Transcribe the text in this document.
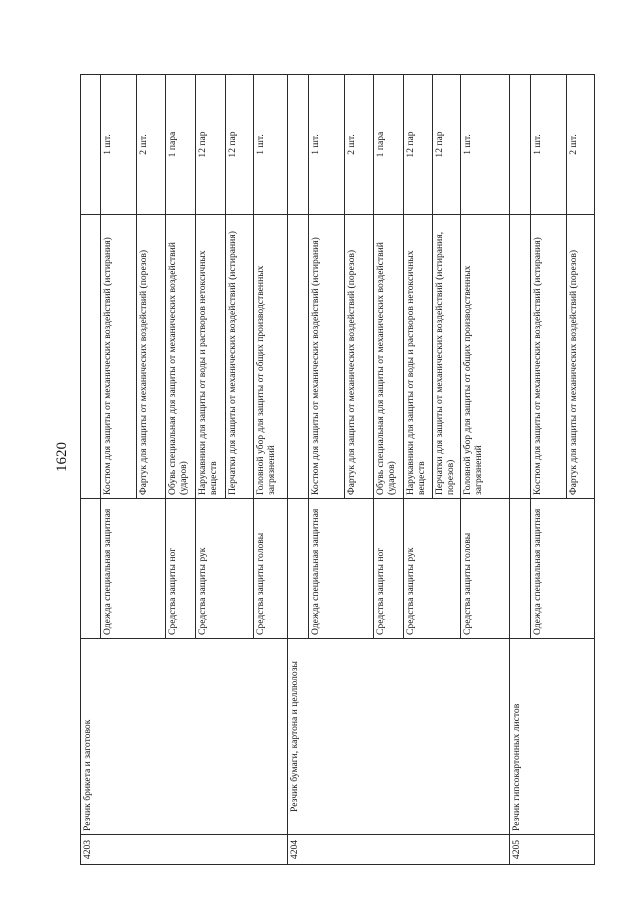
1620
4203	Резчик брикета и заготовок			
		Одежда специальная защитная	Костюм для защиты от механических воздействий (истирания)	1 шт.
			Фартук для защиты от механических воздействий (порезов)	2 шт.
		Средства защиты ног	Обувь специальная для защиты от механических воздействий (ударов)	1 пара
		Средства защиты рук	Нарукавники для защиты от воды и растворов нетоксичных веществ	12 пар
			Перчатки для защиты от механических воздействий (истирания)	12 пар
		Средства защиты головы	Головной убор для защиты от общих производственных загрязнений	1 шт.
4204	Резчик бумаги, картона и целлюлозы			
		Одежда специальная защитная	Костюм для защиты от механических воздействий (истирания)	1 шт.
			Фартук для защиты от механических воздействий (порезов)	2 шт.
		Средства защиты ног	Обувь специальная для защиты от механических воздействий (ударов)	1 пара
		Средства защиты рук	Нарукавники для защиты от воды и растворов нетоксичных веществ	12 пар
			Перчатки для защиты от механических воздействий (истирания, порезов)	12 пар
		Средства защиты головы	Головной убор для защиты от общих производственных загрязнений	1 шт.
4205	Резчик гипсокартонных листов			
		Одежда специальная защитная	Костюм для защиты от механических воздействий (истирания)	1 шт.
			Фартук для защиты от механических воздействий (порезов)	2 шт.
